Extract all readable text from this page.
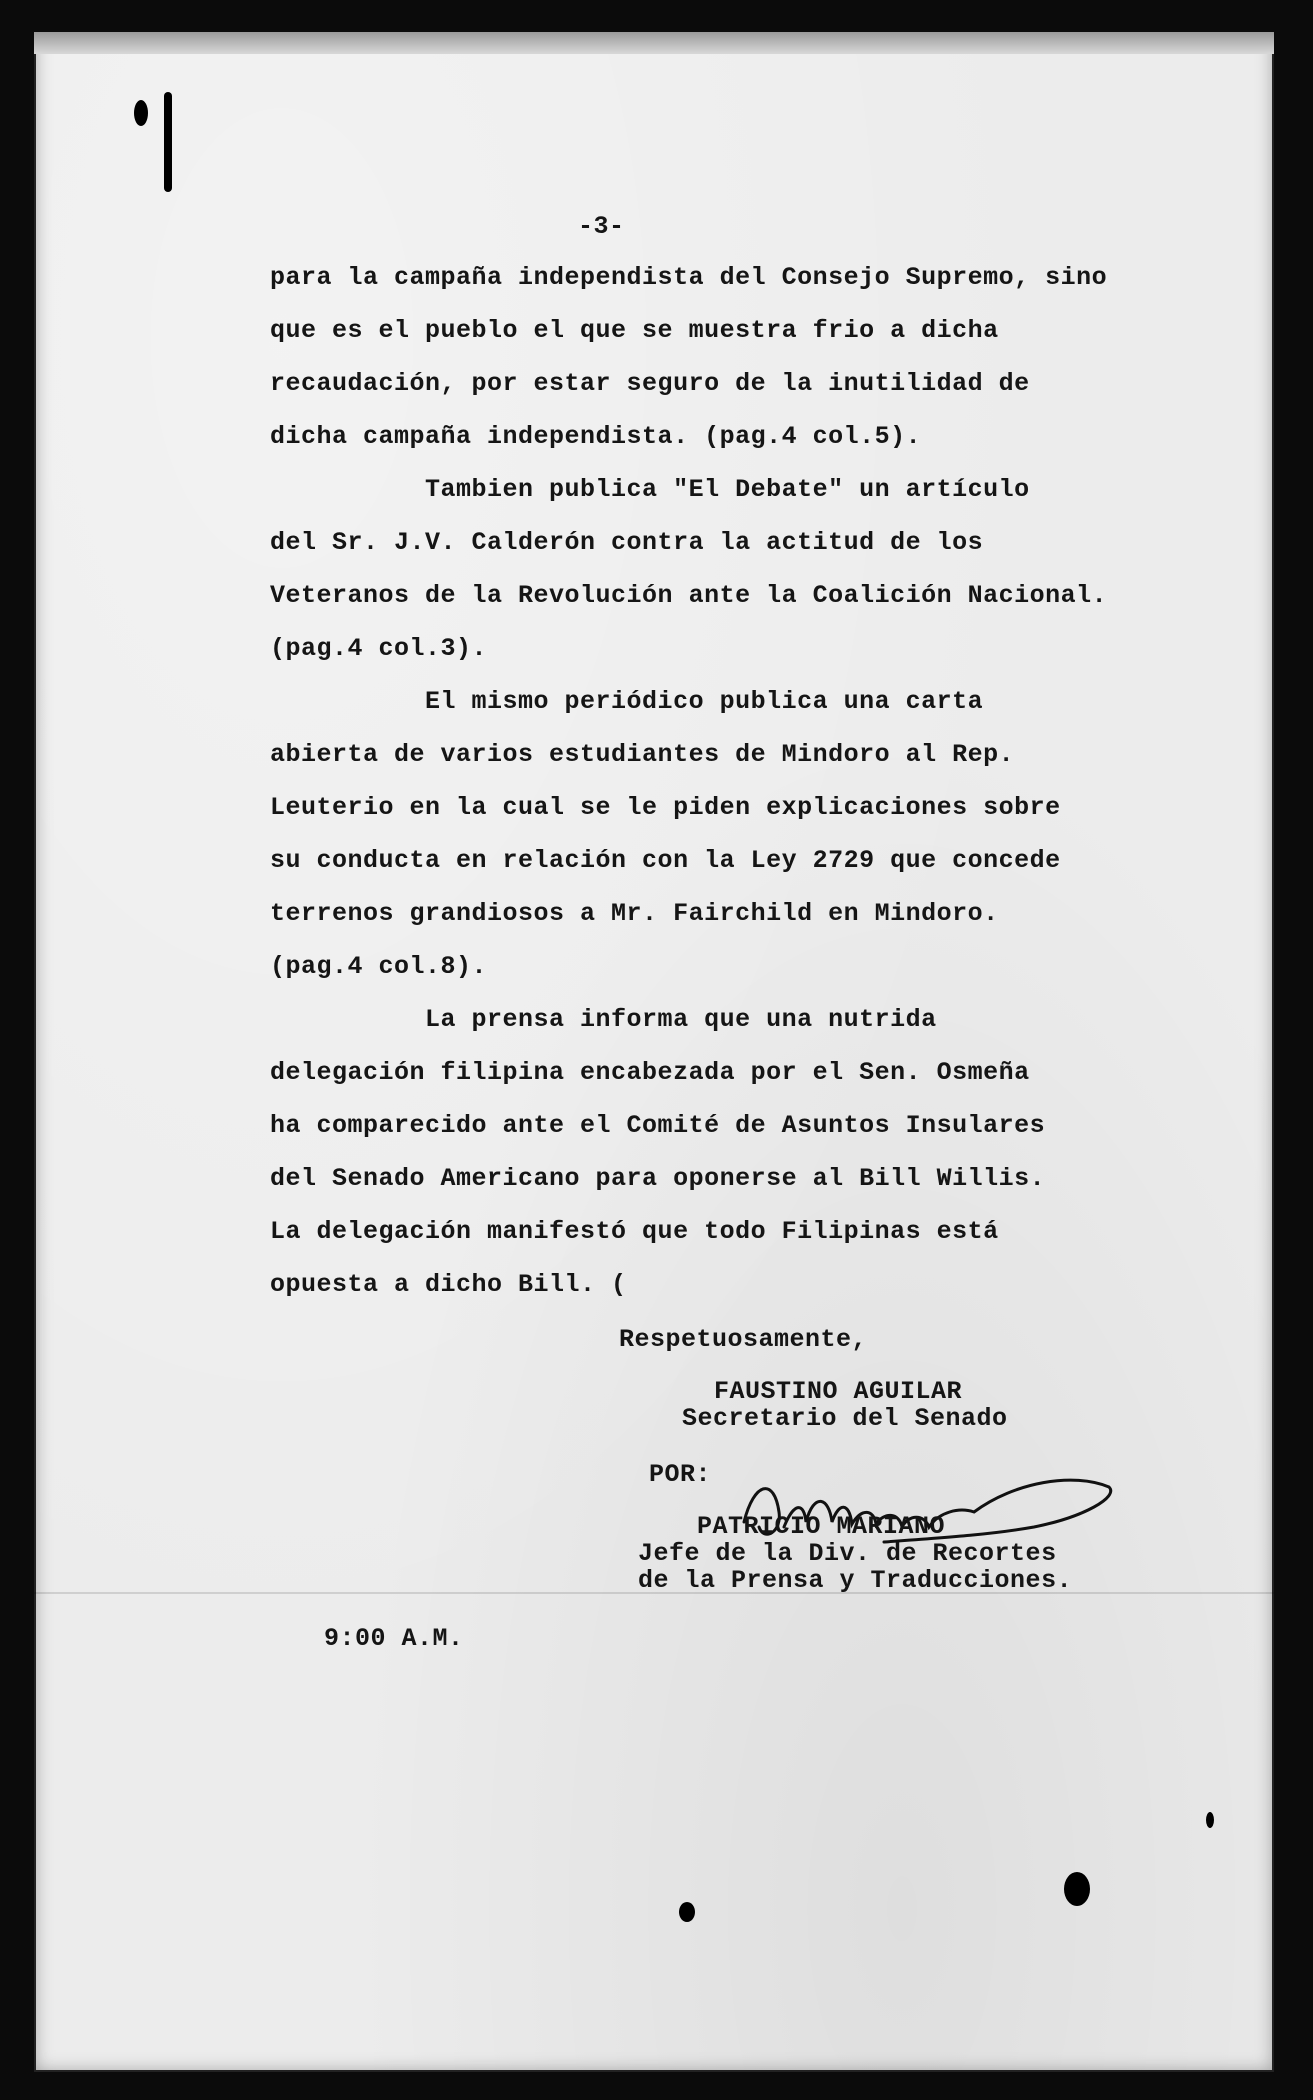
-3-
para la campaña independista del Consejo Supremo, sino
que es el pueblo el que se muestra frio a dicha
recaudación, por estar seguro de la inutilidad de
dicha campaña independista. (pag.4 col.5).
Tambien publica "El Debate" un artículo
del Sr. J.V. Calderón contra la actitud de los
Veteranos de la Revolución ante la Coalición Nacional.
(pag.4 col.3).
El mismo periódico publica una carta
abierta de varios estudiantes de Mindoro al Rep.
Leuterio en la cual se le piden explicaciones sobre
su conducta en relación con la Ley 2729 que concede
terrenos grandiosos a Mr. Fairchild en Mindoro.
(pag.4 col.8).
La prensa informa que una nutrida
delegación filipina encabezada por el Sen. Osmeña
ha comparecido ante el Comité de Asuntos Insulares
del Senado Americano para oponerse al Bill Willis.
La delegación manifestó que todo Filipinas está
opuesta a dicho Bill. (
Respetuosamente,
FAUSTINO AGUILAR
Secretario del Senado
POR:
PATRICIO MARIANO
Jefe de la Div. de Recortes
de la Prensa y Traducciones.
9:00 A.M.
